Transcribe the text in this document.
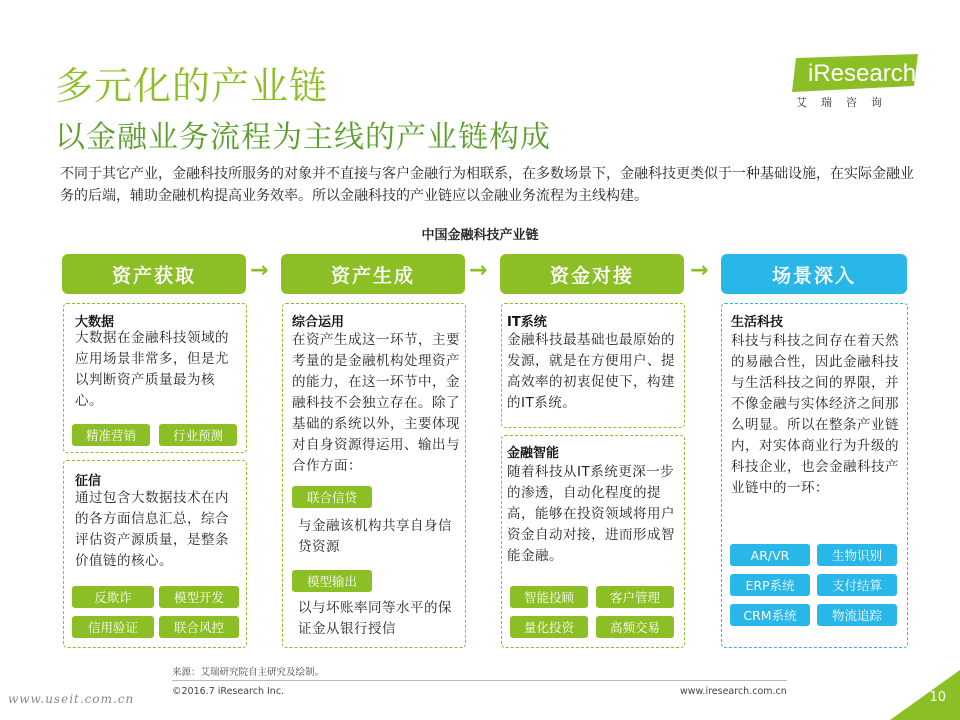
多元化的产业链
以金融业务流程为主线的产业链构成
iResearch
艾瑞咨询
不同于其它产业，金融科技所服务的对象并不直接与客户金融行为相联系，在多数场景下，金融科技更类似于一种基础设施，在实际金融业务的后端，辅助金融机构提高业务效率。所以金融科技的产业链应以金融业务流程为主线构建。
中国金融科技产业链
资产获取	→	资产生成	→	资金对接	→	场景深入
大数据
大数据在金融科技领域的应用场景非常多，但是尤以判断资产质量最为核心。
精准营销	行业预测
征信
通过包含大数据技术在内的各方面信息汇总，综合评估资产源质量，是整条价值链的核心。
反欺诈	模型开发
信用验证	联合风控
综合运用
在资产生成这一环节，主要考量的是金融机构处理资产的能力，在这一环节中，金融科技不会独立存在。除了基础的系统以外，主要体现对自身资源得运用、输出与合作方面：
联合信贷
与金融该机构共享自身信贷资源
模型输出
以与坏账率同等水平的保证金从银行授信
IT系统
金融科技最基础也最原始的发源，就是在方便用户、提高效率的初衷促使下，构建的IT系统。
金融智能
随着科技从IT系统更深一步的渗透，自动化程度的提高，能够在投资领域将用户资金自动对接，进而形成智能金融。
智能投顾	客户管理
量化投资	高频交易
生活科技
科技与科技之间存在着天然的易融合性，因此金融科技与生活科技之间的界限，并不像金融与实体经济之间那么明显。所以在整条产业链内，对实体商业行为升级的科技企业，也会金融科技产业链中的一环：
AR/VR	生物识别
ERP系统	支付结算
CRM系统	物流追踪
来源：艾瑞研究院自主研究及绘制。
©2016.7 iResearch Inc.	www.iresearch.com.cn
www.useit.com.cn	10
